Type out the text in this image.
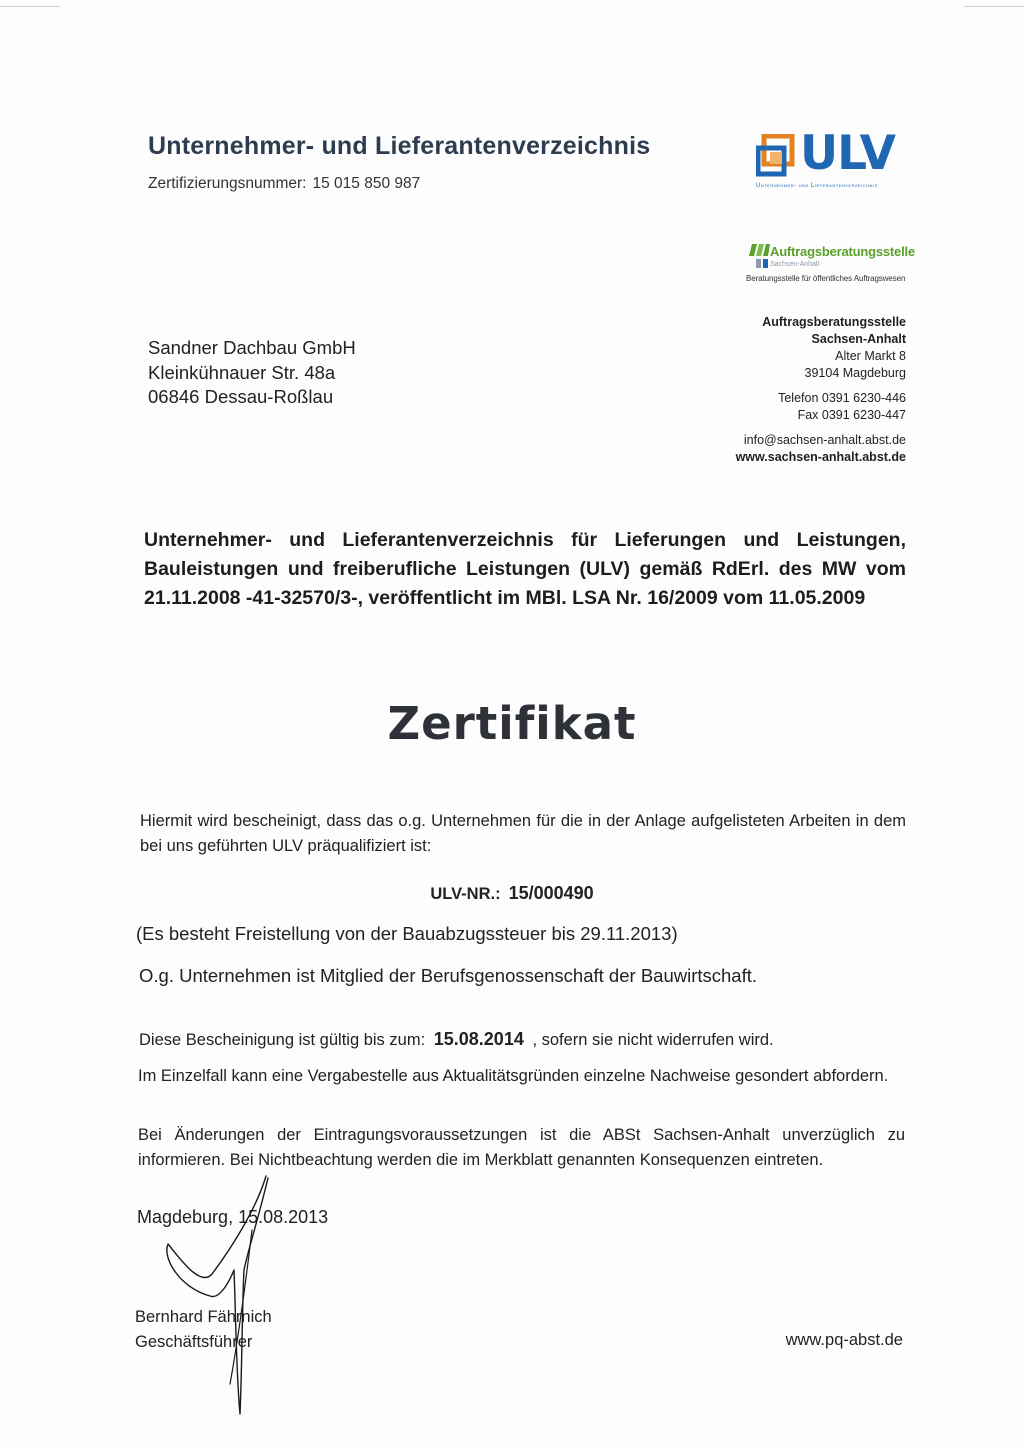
Unternehmer- und Lieferantenverzeichnis
Zertifizierungsnummer: 15 015 850 987
ULV
Unternehmer- und Lieferantenverzeichnis
Auftragsberatungsstelle
Sachsen-Anhalt
Beratungsstelle für öffentliches Auftragswesen
Sandner Dachbau GmbH
Kleinkühnauer Str. 48a
06846 Dessau-Roßlau
Auftragsberatungsstelle
Sachsen-Anhalt
Alter Markt 8
39104 Magdeburg
Telefon 0391 6230-446
Fax 0391 6230-447
info@sachsen-anhalt.abst.de
www.sachsen-anhalt.abst.de
Unternehmer- und Lieferantenverzeichnis für Lieferungen und Leistungen, Bauleistungen und freiberufliche Leistungen (ULV) gemäß RdErl. des MW vom 21.11.2008 -41-32570/3-, veröffentlicht im MBl. LSA Nr. 16/2009 vom 11.05.2009
Zertifikat
Hiermit wird bescheinigt, dass das o.g. Unternehmen für die in der Anlage aufgelisteten Arbeiten in dem bei uns geführten ULV präqualifiziert ist:
ULV-NR.: 15/000490
(Es besteht Freistellung von der Bauabzugssteuer bis 29.11.2013)
O.g. Unternehmen ist Mitglied der Berufsgenossenschaft der Bauwirtschaft.
Diese Bescheinigung ist gültig bis zum: 15.08.2014 , sofern sie nicht widerrufen wird.
Im Einzelfall kann eine Vergabestelle aus Aktualitätsgründen einzelne Nachweise gesondert abfordern.
Bei Änderungen der Eintragungsvoraussetzungen ist die ABSt Sachsen-Anhalt unverzüglich zu informieren. Bei Nichtbeachtung werden die im Merkblatt genannten Konsequenzen eintreten.
Magdeburg, 15.08.2013
Bernhard Fährnich
Geschäftsführer	www.pq-abst.de
